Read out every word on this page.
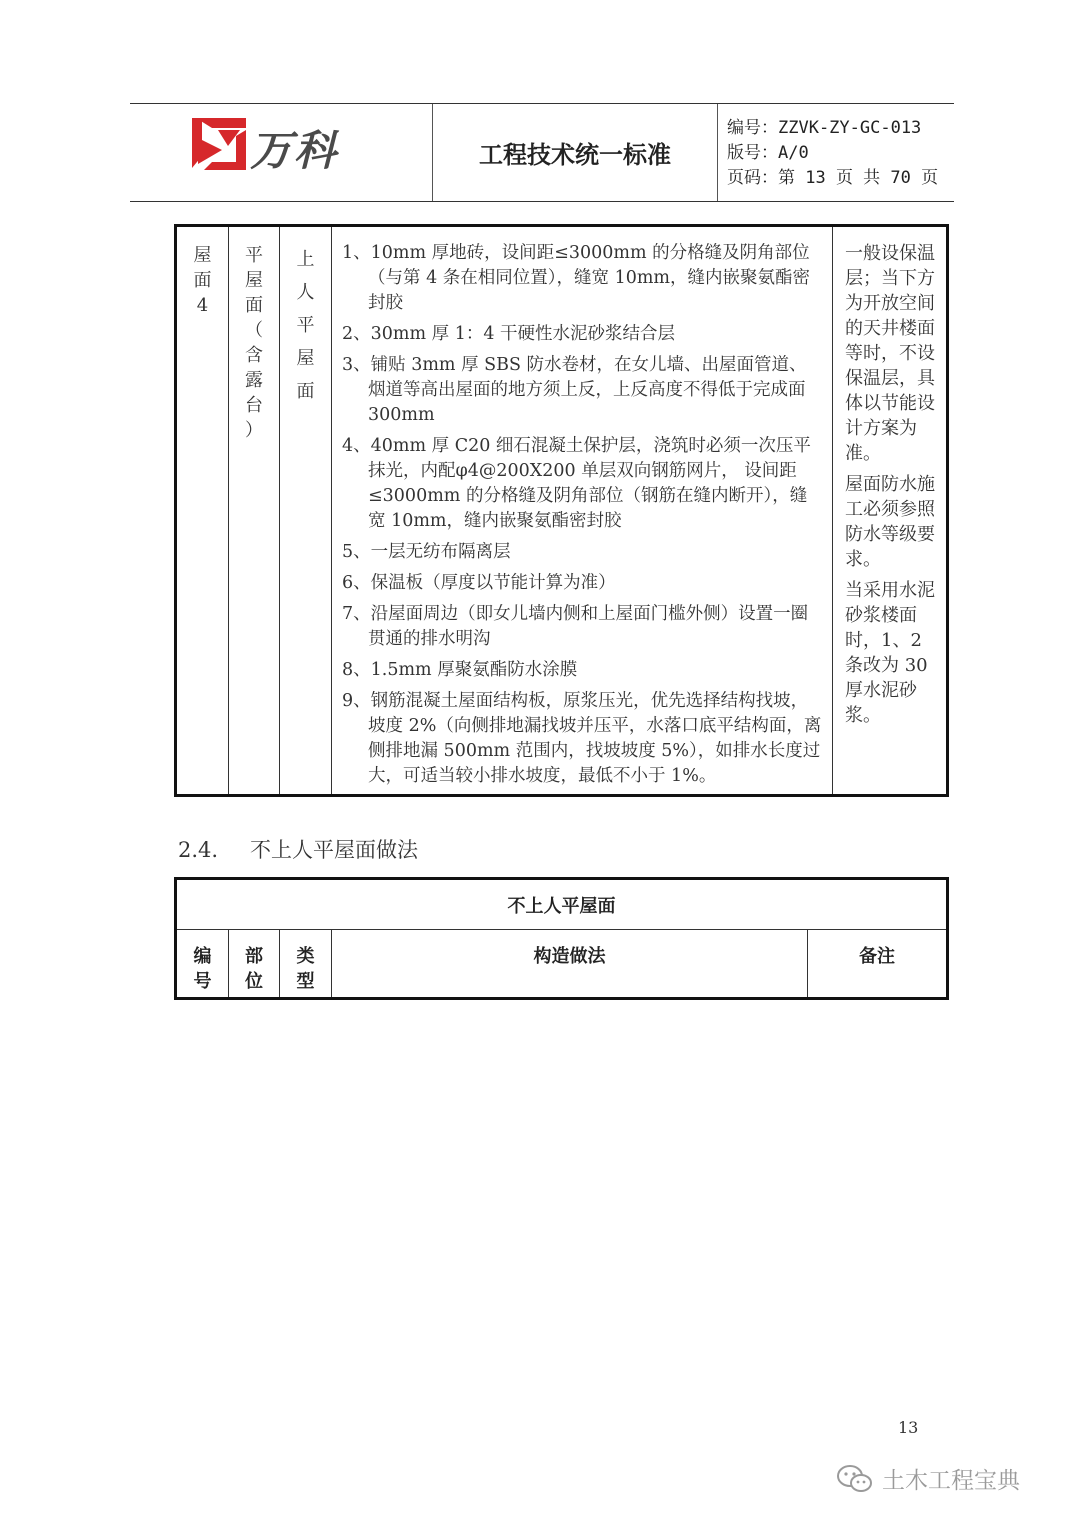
万科	工程技术统一标准
编号：ZZVK-ZY-GC-013
版号：A/0
页码：第 13 页 共 70 页
屋
面
4
平
屋
面
（
含
露
台
）
上
人
平
屋
面
1、10mm 厚地砖，设间距≤3000mm 的分格缝及阴角部位（与第 4 条在相同位置），缝宽 10mm，缝内嵌聚氨酯密封胶
2、30mm 厚 1：4 干硬性水泥砂浆结合层
3、铺贴 3mm 厚 SBS 防水卷材，在女儿墙、出屋面管道、烟道等高出屋面的地方须上反，上反高度不得低于完成面 300mm
4、40mm 厚 C20 细石混凝土保护层，浇筑时必须一次压平抹光，内配φ4@200X200 单层双向钢筋网片， 设间距≤3000mm 的分格缝及阴角部位（钢筋在缝内断开），缝宽 10mm，缝内嵌聚氨酯密封胶
5、一层无纺布隔离层
6、保温板（厚度以节能计算为准）
7、沿屋面周边（即女儿墙内侧和上屋面门槛外侧）设置一圈贯通的排水明沟
8、1.5mm 厚聚氨酯防水涂膜
9、钢筋混凝土屋面结构板，原浆压光，优先选择结构找坡，坡度 2%（向侧排地漏找坡并压平，水落口底平结构面，离侧排地漏 500mm 范围内，找坡坡度 5%），如排水长度过大，可适当较小排水坡度，最低不小于 1%。

一般设保温层；当下方为开放空间的天井楼面等时，不设保温层，具体以节能设计方案为准。

屋面防水施工必须参照防水等级要求。

当采用水泥砂浆楼面时，1、2 条改为 30 厚水泥砂浆。

2.4. 不上人平屋面做法
不上人平屋面
编
号
部
位
类
型
构造做法	备注
13
土木工程宝典
